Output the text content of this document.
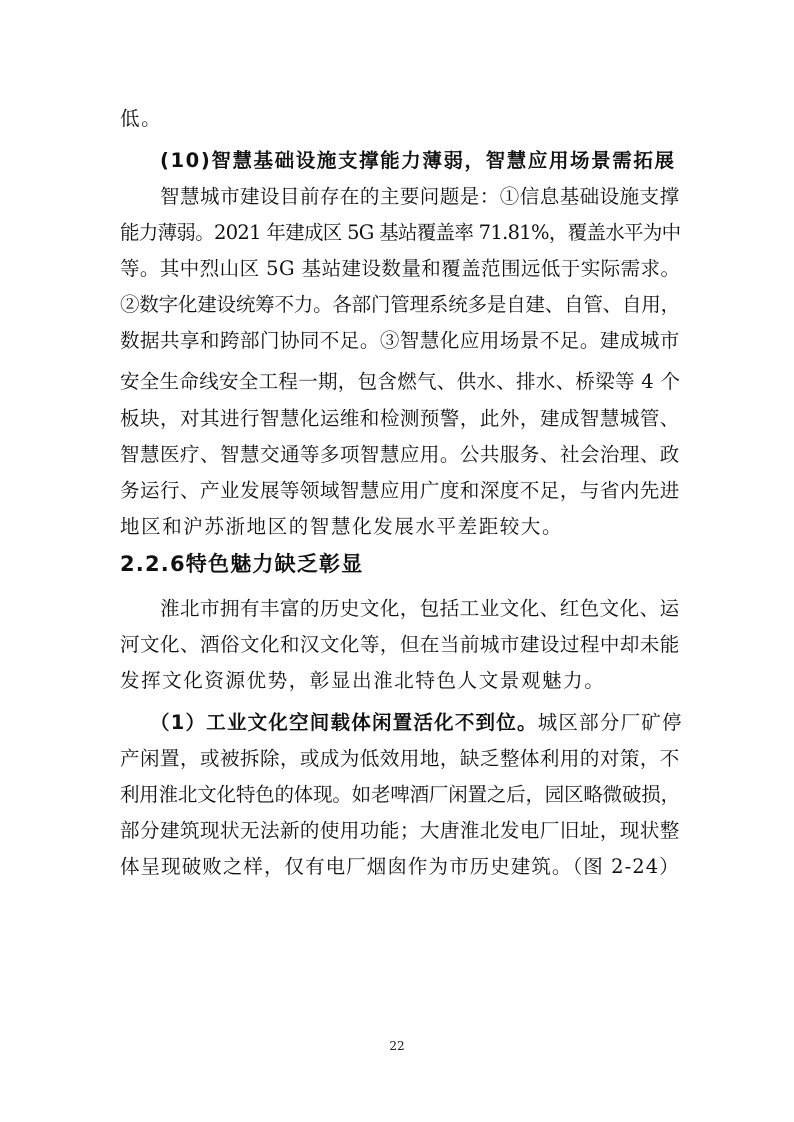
低。
(10)智慧基础设施支撑能力薄弱，智慧应用场景需拓展
智慧城市建设目前存在的主要问题是：①信息基础设施支撑
能力薄弱。2021 年建成区 5G 基站覆盖率 71.81%，覆盖水平为中
等。其中烈山区 5G 基站建设数量和覆盖范围远低于实际需求。
②数字化建设统筹不力。各部门管理系统多是自建、自管、自用，
数据共享和跨部门协同不足。③智慧化应用场景不足。建成城市
安全生命线安全工程一期，包含燃气、供水、排水、桥梁等 4 个
板块，对其进行智慧化运维和检测预警，此外，建成智慧城管、
智慧医疗、智慧交通等多项智慧应用。公共服务、社会治理、政
务运行、产业发展等领域智慧应用广度和深度不足，与省内先进
地区和沪苏浙地区的智慧化发展水平差距较大。
2.2.6特色魅力缺乏彰显
淮北市拥有丰富的历史文化，包括工业文化、红色文化、运
河文化、酒俗文化和汉文化等，但在当前城市建设过程中却未能
发挥文化资源优势，彰显出淮北特色人文景观魅力。
（1）工业文化空间载体闲置活化不到位。城区部分厂矿停
产闲置，或被拆除，或成为低效用地，缺乏整体利用的对策，不
利用淮北文化特色的体现。如老啤酒厂闲置之后，园区略微破损，
部分建筑现状无法新的使用功能；大唐淮北发电厂旧址，现状整
体呈现破败之样，仅有电厂烟囱作为市历史建筑。（图 2-24）
22
